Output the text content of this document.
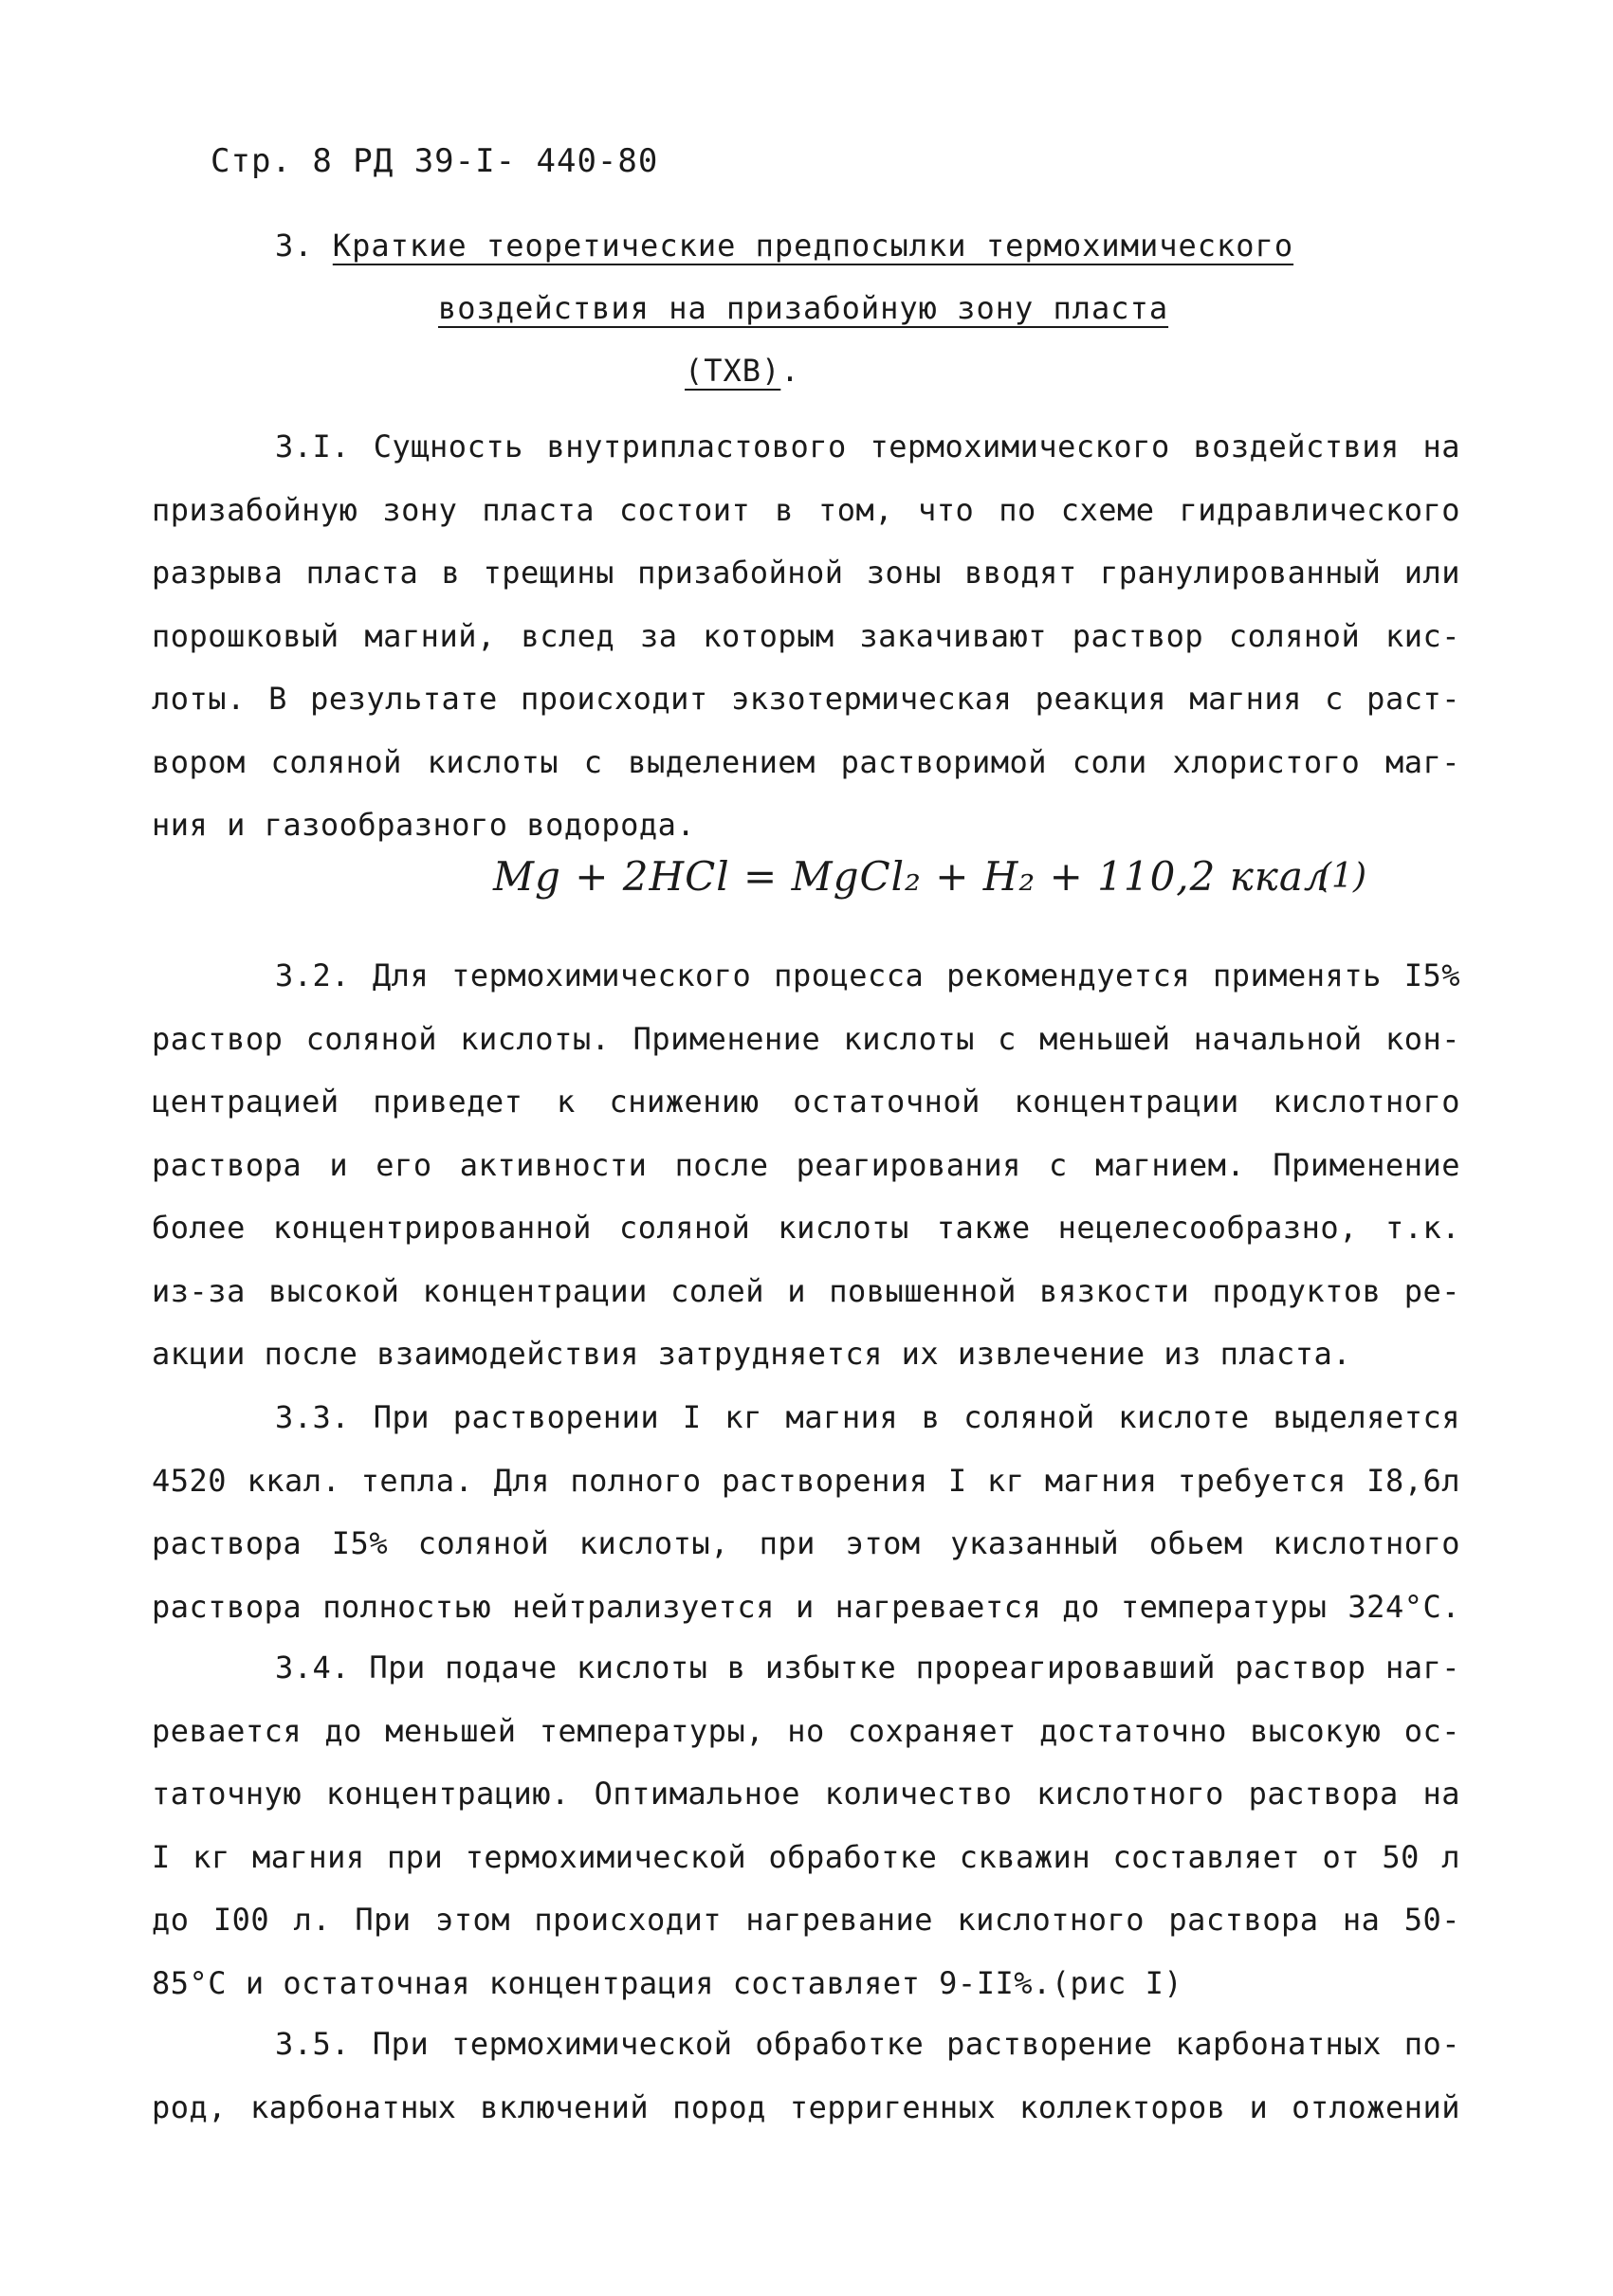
Стр. 8 РД 39-I- 440-80
3. Краткие теоретические предпосылки термохимического
воздействия на призабойную зону пласта
(ТХВ).
3.I. Сущность внутрипластового термохимического воздействия на
призабойную зону пласта состоит в том, что по схеме гидравлического
разрыва пласта в трещины призабойной зоны вводят гранулированный или
порошковый магний, вслед за которым закачивают раствор соляной кис-
лоты. В результате происходит экзотермическая реакция магния с раст-
вором соляной кислоты с выделением растворимой соли хлористого маг-
ния и газообразного водорода.
Mg + 2HCl = MgCl₂ + H₂ + 110,2 ккал
(1)
3.2. Для термохимического процесса рекомендуется применять I5%
раствор соляной кислоты. Применение кислоты с меньшей начальной кон-
центрацией приведет к снижению остаточной концентрации кислотного
раствора и его активности после реагирования с магнием. Применение
более концентрированной соляной кислоты также нецелесообразно, т.к.
из-за высокой концентрации солей и повышенной вязкости продуктов ре-
акции после взаимодействия затрудняется их извлечение из пласта.
3.3. При растворении I кг магния в соляной кислоте выделяется
4520 ккал. тепла. Для полного растворения I кг магния требуется I8,6л
раствора I5% соляной кислоты, при этом указанный обьем кислотного
раствора полностью нейтрализуется и нагревается до температуры 324°С.
3.4. При подаче кислоты в избытке прореагировавший раствор наг-
ревается до меньшей температуры, но сохраняет достаточно высокую ос-
таточную концентрацию. Оптимальное количество кислотного раствора на
I кг магния при термохимической обработке скважин составляет от 50 л
до I00 л. При этом происходит нагревание кислотного раствора на 50-
85°С и остаточная концентрация составляет 9-II%.(рис I)
3.5. При термохимической обработке растворение карбонатных по-
род, карбонатных включений пород терригенных коллекторов и отложений
